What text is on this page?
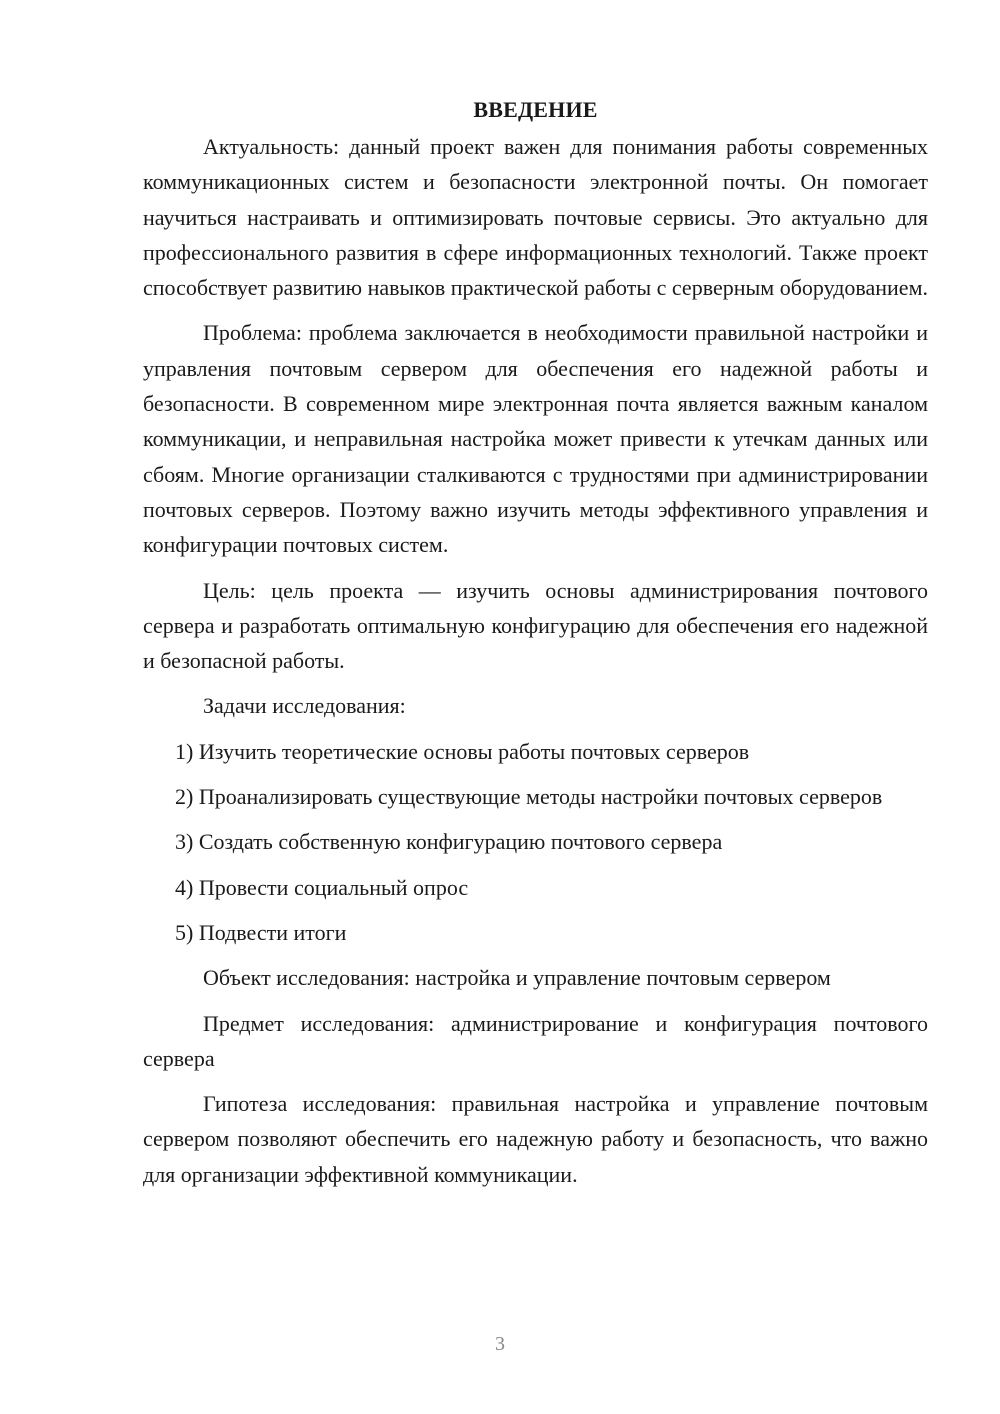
ВВЕДЕНИЕ

Актуальность: данный проект важен для понимания работы современных коммуникационных систем и безопасности электронной почты. Он помогает научиться настраивать и оптимизировать почтовые сервисы. Это актуально для профессионального развития в сфере информационных технологий. Также проект способствует развитию навыков практической работы с серверным оборудованием.

Проблема: проблема заключается в необходимости правильной настройки и управления почтовым сервером для обеспечения его надежной работы и безопасности. В современном мире электронная почта является важным каналом коммуникации, и неправильная настройка может привести к утечкам данных или сбоям. Многие организации сталкиваются с трудностями при администрировании почтовых серверов. Поэтому важно изучить методы эффективного управления и конфигурации почтовых систем.

Цель: цель проекта — изучить основы администрирования почтового сервера и разработать оптимальную конфигурацию для обеспечения его надежной и безопасной работы.

Задачи исследования:

1) Изучить теоретические основы работы почтовых серверов

2) Проанализировать существующие методы настройки почтовых серверов

3) Создать собственную конфигурацию почтового сервера

4) Провести социальный опрос

5) Подвести итоги

Объект исследования: настройка и управление почтовым сервером

Предмет исследования: администрирование и конфигурация почтового сервера

Гипотеза исследования: правильная настройка и управление почтовым сервером позволяют обеспечить его надежную работу и безопасность, что важно для организации эффективной коммуникации.

3
